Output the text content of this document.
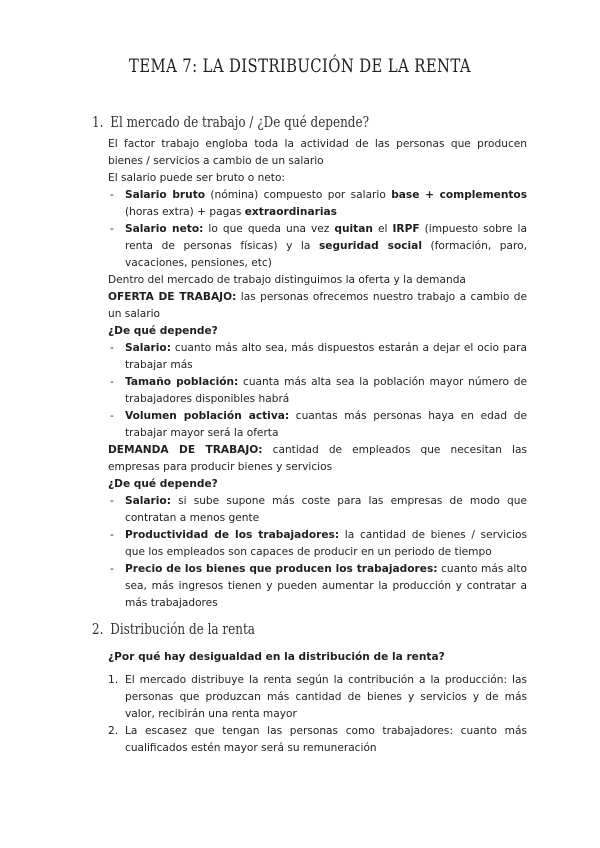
TEMA 7: LA DISTRIBUCIÓN DE LA RENTA
1. El mercado de trabajo / ¿De qué depende?

El factor trabajo engloba toda la actividad de las personas que producen bienes / servicios a cambio de un salario

El salario puede ser bruto o neto:

- Salario bruto (nómina) compuesto por salario base + complementos (horas extra) + pagas extraordinarias
- Salario neto: lo que queda una vez quitan el IRPF (impuesto sobre la renta de personas físicas) y la seguridad social (formación, paro, vacaciones, pensiones, etc)

Dentro del mercado de trabajo distinguimos la oferta y la demanda

OFERTA DE TRABAJO: las personas ofrecemos nuestro trabajo a cambio de un salario

¿De qué depende?

- Salario: cuanto más alto sea, más dispuestos estarán a dejar el ocio para trabajar más
- Tamaño población: cuanta más alta sea la población mayor número de trabajadores disponibles habrá
- Volumen población activa: cuantas más personas haya en edad de trabajar mayor será la oferta

DEMANDA DE TRABAJO: cantidad de empleados que necesitan las empresas para producir bienes y servicios

¿De qué depende?

- Salario: si sube supone más coste para las empresas de modo que contratan a menos gente
- Productividad de los trabajadores: la cantidad de bienes / servicios que los empleados son capaces de producir en un periodo de tiempo
- Precio de los bienes que producen los trabajadores: cuanto más alto sea, más ingresos tienen y pueden aumentar la producción y contratar a más trabajadores
2. Distribución de la renta

¿Por qué hay desigualdad en la distribución de la renta?

1. El mercado distribuye la renta según la contribución a la producción: las personas que produzcan más cantidad de bienes y servicios y de más valor, recibirán una renta mayor
2. La escasez que tengan las personas como trabajadores: cuanto más cualificados estén mayor será su remuneración
